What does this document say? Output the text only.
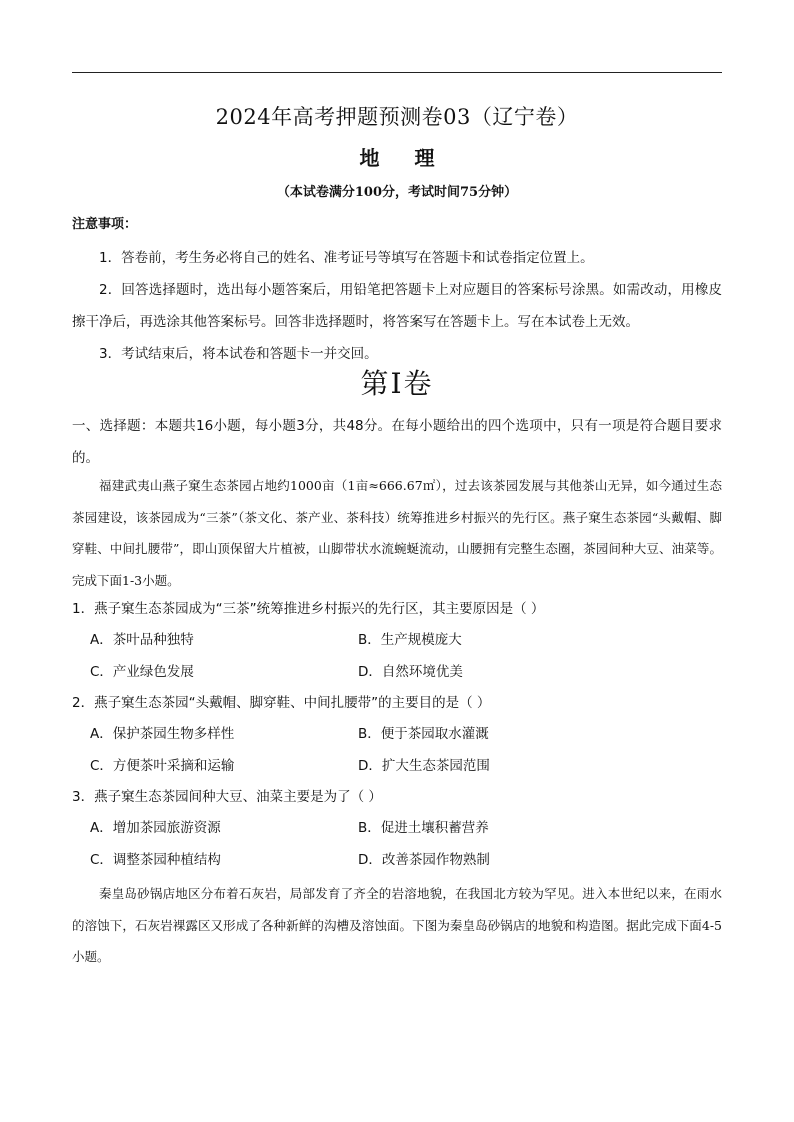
2024年高考押题预测卷03（辽宁卷）
地 理
（本试卷满分100分，考试时间75分钟）
注意事项：
1．答卷前，考生务必将自己的姓名、准考证号等填写在答题卡和试卷指定位置上。
2．回答选择题时，选出每小题答案后，用铅笔把答题卡上对应题目的答案标号涂黑。如需改动，用橡皮擦干净后，再选涂其他答案标号。回答非选择题时，将答案写在答题卡上。写在本试卷上无效。
3．考试结束后，将本试卷和答题卡一并交回。
第Ⅰ卷
一、选择题：本题共16小题，每小题3分，共48分。在每小题给出的四个选项中，只有一项是符合题目要求的。
福建武夷山燕子窠生态茶园占地约1000亩（1亩≈666.67㎡），过去该茶园发展与其他茶山无异，如今通过生态茶园建设，该茶园成为“三茶”（茶文化、茶产业、茶科技）统筹推进乡村振兴的先行区。燕子窠生态茶园“头戴帽、脚穿鞋、中间扎腰带”，即山顶保留大片植被，山脚带状水流蜿蜒流动，山腰拥有完整生态圈，茶园间种大豆、油菜等。完成下面1-3小题。
1．燕子窠生态茶园成为“三茶”统筹推进乡村振兴的先行区，其主要原因是（ ）
A．茶叶品种独特	B．生产规模庞大
C．产业绿色发展	D．自然环境优美
2．燕子窠生态茶园“头戴帽、脚穿鞋、中间扎腰带”的主要目的是（ ）
A．保护茶园生物多样性	B．便于茶园取水灌溉
C．方便茶叶采摘和运输	D．扩大生态茶园范围
3．燕子窠生态茶园间种大豆、油菜主要是为了（ ）
A．增加茶园旅游资源	B．促进土壤积蓄营养
C．调整茶园种植结构	D．改善茶园作物熟制
秦皇岛砂锅店地区分布着石灰岩，局部发育了齐全的岩溶地貌，在我国北方较为罕见。进入本世纪以来，在雨水的溶蚀下，石灰岩裸露区又形成了各种新鲜的沟槽及溶蚀面。下图为秦皇岛砂锅店的地貌和构造图。据此完成下面4-5小题。
